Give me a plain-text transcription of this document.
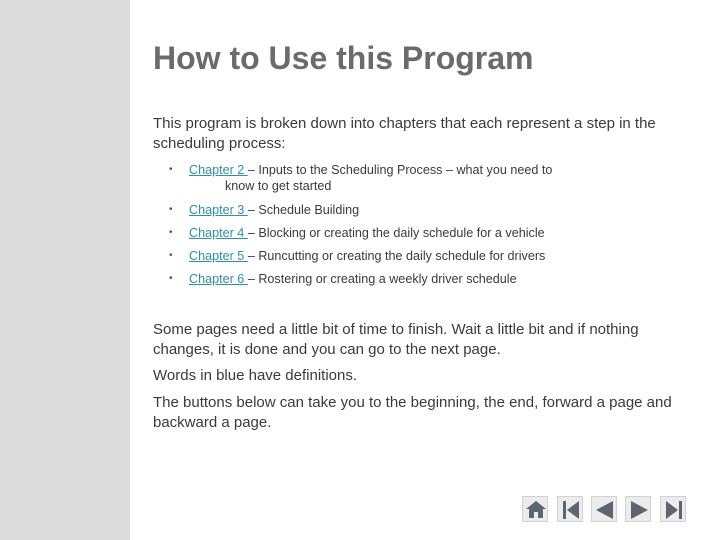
How to Use this Program
This program is broken down into chapters that each represent a step in the scheduling process:
• Chapter 2 – Inputs to the Scheduling Process – what you need to
know to get started
• Chapter 3 – Schedule Building
• Chapter 4 – Blocking or creating the daily schedule for a vehicle
• Chapter 5 – Runcutting or creating the daily schedule for drivers
• Chapter 6 – Rostering or creating a weekly driver schedule
Some pages need a little bit of time to finish. Wait a little bit and if nothing changes, it is done and you can go to the next page.
Words in blue have definitions.
The buttons below can take you to the beginning, the end, forward a page and backward a page.
